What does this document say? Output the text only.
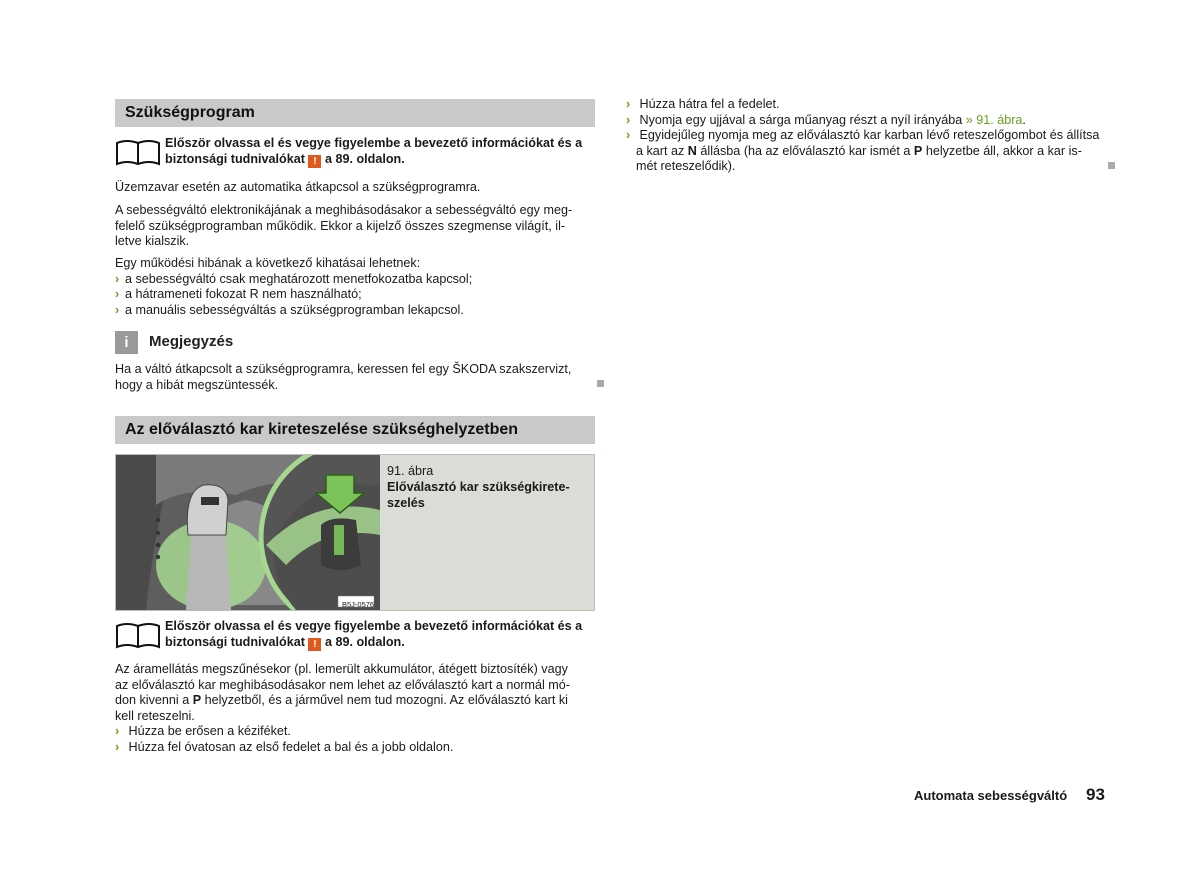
Szükségprogram

Először olvassa el és vegye figyelembe a bevezető információkat és a

biztonsági tudnivalókat ! a 89. oldalon.

Üzemzavar esetén az automatika átkapcsol a szükségprogramra.

A sebességváltó elektronikájának a meghibásodásakor a sebességváltó egy meg-

felelő szükségprogramban működik. Ekkor a kijelző összes szegmense világít, il-

letve kialszik.

Egy működési hibának a következő kihatásai lehetnek:

› a sebességváltó csak meghatározott menetfokozatba kapcsol;

› a hátrameneti fokozat R nem használható;

› a manuális sebességváltás a szükségprogramban lekapcsol.

i	Megjegyzés

Ha a váltó átkapcsolt a szükségprogramra, keressen fel egy ŠKODA szakszervizt,

hogy a hibát megszüntessék.

Az előválasztó kar kireteszelése szükséghelyzetben
B5J-0576
91. ábra

Előválasztó kar szükségkirete-

szelés

Először olvassa el és vegye figyelembe a bevezető információkat és a

biztonsági tudnivalókat ! a 89. oldalon.

Az áramellátás megszűnésekor (pl. lemerült akkumulátor, átégett biztosíték) vagy

az előválasztó kar meghibásodásakor nem lehet az előválasztó kart a normál mó-

don kivenni a P helyzetből, és a járművel nem tud mozogni. Az előválasztó kart ki

kell reteszelni.

› Húzza be erősen a kéziféket.

› Húzza fel óvatosan az első fedelet a bal és a jobb oldalon.

› Húzza hátra fel a fedelet.

› Nyomja egy ujjával a sárga műanyag részt a nyíl irányába » 91. ábra.

› Egyidejűleg nyomja meg az előválasztó kar karban lévő reteszelőgombot és állítsa

a kart az N állásba (ha az előválasztó kar ismét a P helyzetbe áll, akkor a kar is-

mét reteszelődik).

Automata sebességváltó 93
